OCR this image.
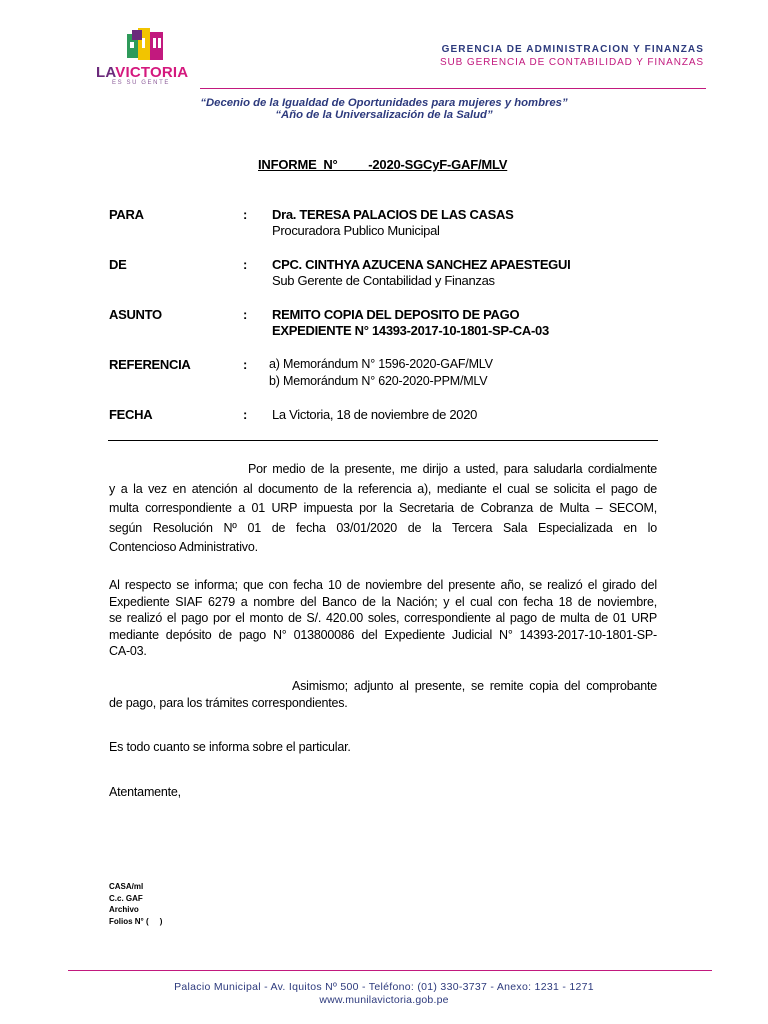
LAVICTORIA
ES SU GENTE
GERENCIA DE ADMINISTRACION Y FINANZAS
SUB GERENCIA DE CONTABILIDAD Y FINANZAS
“Decenio de la Igualdad de Oportunidades para mujeres y hombres”
“Año de la Universalización de la Salud”
INFORME  N°         -2020-SGCyF-GAF/MLV
PARA	: Dra. TERESA PALACIOS DE LAS CASAS
Procuradora Publico Municipal
DE	: CPC. CINTHYA AZUCENA SANCHEZ APAESTEGUI
Sub Gerente de Contabilidad y Finanzas
ASUNTO	: REMITO COPIA DEL DEPOSITO DE PAGO
EXPEDIENTE N° 14393-2017-10-1801-SP-CA-03
REFERENCIA	: a) Memorándum N° 1596-2020-GAF/MLV
b) Memorándum N° 620-2020-PPM/MLV
FECHA	: La Victoria, 18 de noviembre de 2020
Por medio de la presente, me dirijo a usted, para saludarla cordialmente
y a la vez en atención al documento de la referencia a), mediante el cual se solicita el pago de
multa correspondiente a 01 URP impuesta por la Secretaria de Cobranza de Multa – SECOM,
según Resolución Nº 01 de fecha 03/01/2020 de la Tercera Sala Especializada en lo
Contencioso Administrativo.
Al respecto se informa; que con fecha 10 de noviembre del presente año, se realizó el girado del
Expediente SIAF 6279 a nombre del Banco de la Nación; y el cual con fecha 18 de noviembre,
se realizó el pago por el monto de S/. 420.00 soles, correspondiente al pago de multa de 01 URP
mediante depósito de pago N° 013800086 del Expediente Judicial N° 14393-2017-10-1801-SP-
CA-03.
Asimismo; adjunto al presente, se remite copia del comprobante
de pago, para los trámites correspondientes.
Es todo cuanto se informa sobre el particular.
Atentamente,
CASA/ml
C.c. GAF
Archivo
Folios N° (     )
Palacio Municipal - Av. Iquitos Nº 500 - Teléfono: (01) 330-3737 - Anexo: 1231 - 1271
www.munilavictoria.gob.pe
